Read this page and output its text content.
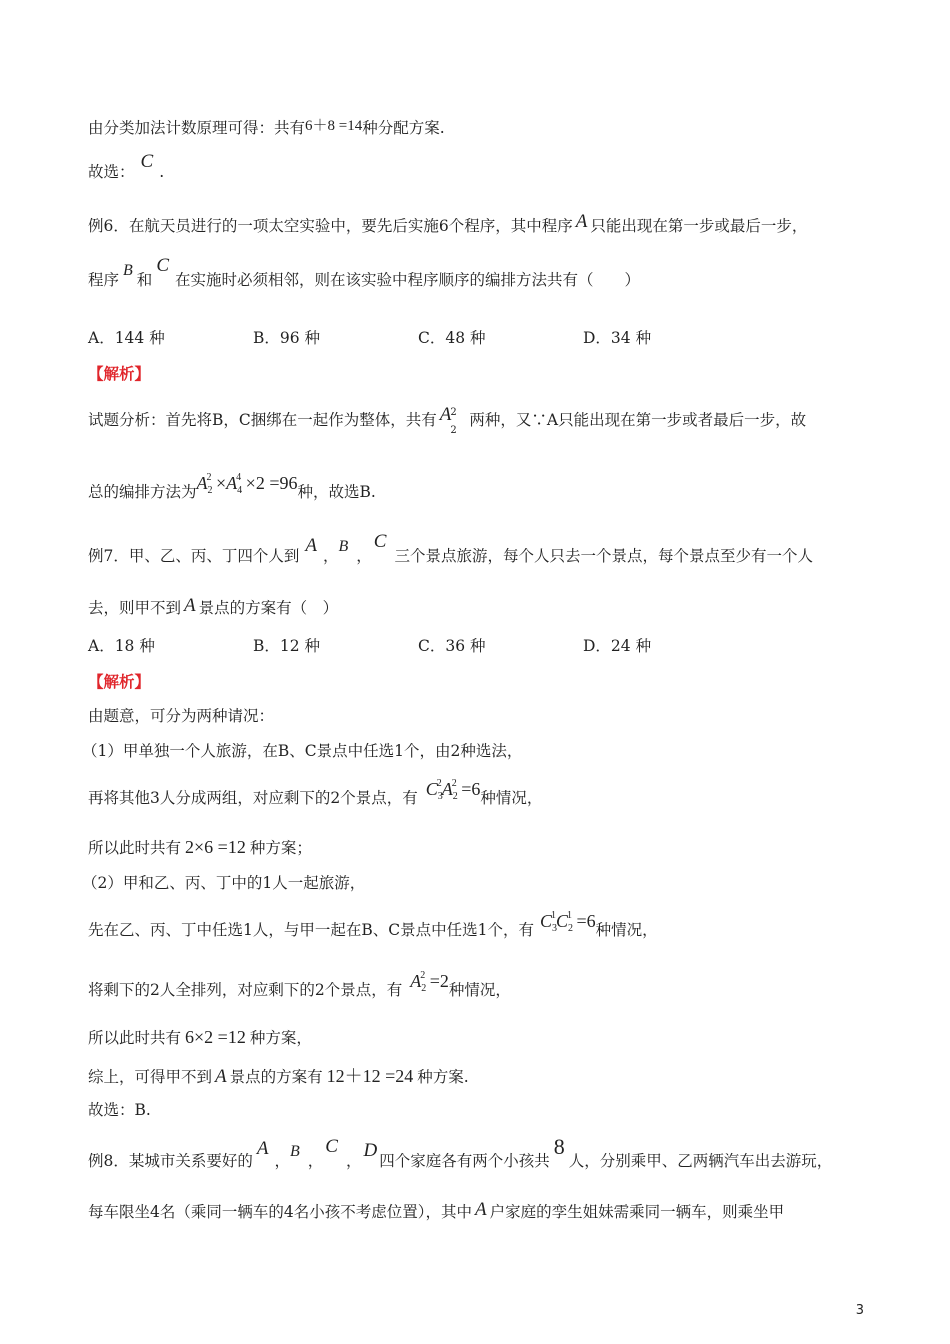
由分类加法计数原理可得：共有6＋8 =14种分配方案.
故选： C .
例6．在航天员进行的一项太空实验中，要先后实施6个程序，其中程序 A 只能出现在第一步或最后一步，
程序B和C在实施时必须相邻，则在该实验中程序顺序的编排方法共有（　　）
A．144 种	B．96 种	C．48 种	D．34 种
【解析】
试题分析：首先将B，C捆绑在一起作为整体，共有 A 2
2
两种，又∵A只能出现在第一步或者最后一步，故
总的编排方法为$A_2^2 \times A_4^4 \times 2 =96$种，故选B.
例7．甲、乙、丙、丁四个人到 A ，B，C三个景点旅游，每个人只去一个景点，每个景点至少有一个人
去，则甲不到 A 景点的方案有（　）
A．18 种	B．12 种	C．36 种	D．24 种
【解析】
由题意，可分为两种请况：
（1）甲单独一个人旅游，在B、C景点中任选1个，由2种选法，
再将其他3人分成两组，对应剩下的2个景点，有 $C_3^2A_2^2 =6$种情况，
所以此时共有 2×6 =12 种方案；
（2）甲和乙、丙、丁中的1人一起旅游，
先在乙、丙、丁中任选1人，与甲一起在B、C景点中任选1个，有 $C_3^1C_2^1 =6$种情况，
将剩下的2人全排列，对应剩下的2个景点，有 $A_2^2 =2$种情况，
所以此时共有 6×2 =12 种方案，
综上，可得甲不到 A 景点的方案有 12＋12 =24 种方案.
故选：B.
例8．某城市关系要好的A，B，C， D 四个家庭各有两个小孩共8人，分别乘甲、乙两辆汽车出去游玩，
每车限坐4名（乘同一辆车的4名小孩不考虑位置），其中 A 户家庭的孪生姐妹需乘同一辆车，则乘坐甲
3
